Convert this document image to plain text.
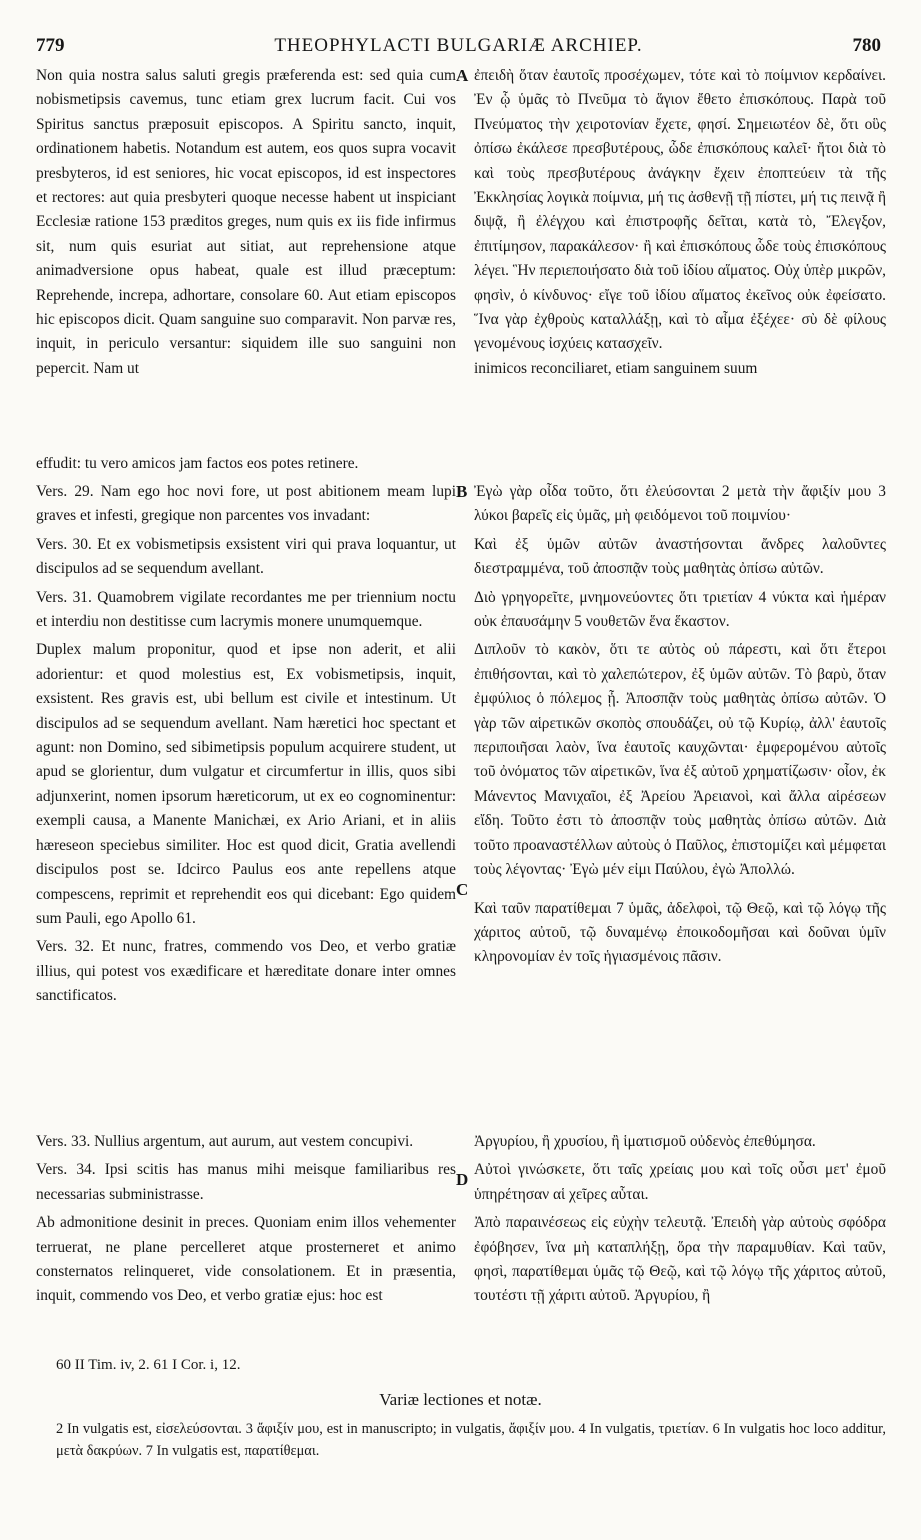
779	THEOPHYLACTI BULGARIÆ ARCHIEP.	780

Non quia nostra salus saluti gregis præferenda est: sed quia cum nobismetipsis cavemus, tunc etiam grex lucrum facit. Cui vos Spiritus sanctus præposuit episcopos. A Spiritu sancto, inquit, ordinationem habetis. Notandum est autem, eos quos supra vocavit presbyteros, id est seniores, hic vocat episcopos, id est inspectores et rectores: aut quia presbyteri quoque necesse habent ut inspiciant Ecclesiæ ratione 153 præditos greges, num quis ex iis fide infirmus sit, num quis esuriat aut sitiat, aut reprehensione atque animadversione opus habeat, quale est illud præceptum: Reprehende, increpa, adhortare, consolare 60. Aut etiam episcopos hic episcopos dicit. Quam sanguine suo comparavit. Non parvæ res, inquit, in periculo versantur: siquidem ille suo sanguini non pepercit. Nam ut

A ἐπειδὴ ὅταν ἑαυτοῖς προσέχωμεν, τότε καὶ τὸ ποίμνιον κερδαίνει. Ἐν ᾧ ὑμᾶς τὸ Πνεῦμα τὸ ἅγιον ἔθετο ἐπισκόπους. Παρὰ τοῦ Πνεύματος τὴν χειροτονίαν ἔχετε, φησί. Σημειωτέον δὲ, ὅτι οὓς ὀπίσω ἐκάλεσε πρεσβυτέρους, ὧδε ἐπισκόπους καλεῖ· ἤτοι διὰ τὸ καὶ τοὺς πρεσβυτέρους ἀνάγκην ἔχειν ἐποπτεύειν τὰ τῆς Ἐκκλησίας λογικὰ ποίμνια, μή τις ἀσθενῇ τῇ πίστει, μή τις πεινᾷ ἢ διψᾷ, ἢ ἐλέγχου καὶ ἐπιστροφῆς δεῖται, κατὰ τὸ, Ἔλεγξον, ἐπιτίμησον, παρακάλεσον· ἢ καὶ ἐπισκόπους ὧδε τοὺς ἐπισκόπους λέγει. Ἣν περιεποιήσατο διὰ τοῦ ἰδίου αἵματος. Οὐχ ὑπὲρ μικρῶν, φησὶν, ὁ κίνδυνος· εἴγε τοῦ ἰδίου αἵματος ἐκεῖνος οὐκ ἐφείσατο. Ἵνα γὰρ ἐχθροὺς καταλλάξῃ, καὶ τὸ αἷμα ἐξέχεε· σὺ δὲ φίλους γενομένους ἰσχύεις κατασχεῖν.

inimicos reconciliaret, etiam sanguinem suum

effudit: tu vero amicos jam factos eos potes retinere.

Vers. 29. Nam ego hoc novi fore, ut post abitionem meam lupi graves et infesti, gregique non parcentes vos invadant:

Vers. 30. Et ex vobismetipsis exsistent viri qui prava loquantur, ut discipulos ad se sequendum avellant.

Vers. 31. Quamobrem vigilate recordantes me per triennium noctu et interdiu non destitisse cum lacrymis monere unumquemque.

Duplex malum proponitur, quod et ipse non aderit, et alii adorientur: et quod molestius est, Ex vobismetipsis, inquit, exsistent. Res gravis est, ubi bellum est civile et intestinum. Ut discipulos ad se sequendum avellant. Nam hæretici hoc spectant et agunt: non Domino, sed sibimetipsis populum acquirere student, ut apud se glorientur, dum vulgatur et circumfertur in illis, quos sibi adjunxerint, nomen ipsorum hæreticorum, ut ex eo cognominentur: exempli causa, a Manente Manichæi, ex Ario Ariani, et in aliis hæreseon speciebus similiter. Hoc est quod dicit, Gratia avellendi discipulos post se. Idcirco Paulus eos ante repellens atque compescens, reprimit et reprehendit eos qui dicebant: Ego quidem sum Pauli, ego Apollo 61.

Vers. 32. Et nunc, fratres, commendo vos Deo, et verbo gratiæ illius, qui potest vos exædificare et hæreditate donare inter omnes sanctificatos.

B
C

Ἐγὼ γὰρ οἶδα τοῦτο, ὅτι ἐλεύσονται 2 μετὰ τὴν ἄφιξίν μου 3 λύκοι βαρεῖς εἰς ὑμᾶς, μὴ φειδόμενοι τοῦ ποιμνίου·

Καὶ ἐξ ὑμῶν αὐτῶν ἀναστήσονται ἄνδρες λαλοῦντες διεστραμμένα, τοῦ ἀποσπᾷν τοὺς μαθητὰς ὀπίσω αὐτῶν.

Διὸ γρηγορεῖτε, μνημονεύοντες ὅτι τριετίαν 4 νύκτα καὶ ἡμέραν οὐκ ἐπαυσάμην 5 νουθετῶν ἕνα ἕκαστον.

Διπλοῦν τὸ κακὸν, ὅτι τε αὐτὸς οὐ πάρεστι, καὶ ὅτι ἕτεροι ἐπιθήσονται, καὶ τὸ χαλεπώτερον, ἐξ ὑμῶν αὐτῶν. Τὸ βαρὺ, ὅταν ἐμφύλιος ὁ πόλεμος ᾖ. Ἀποσπᾷν τοὺς μαθητὰς ὀπίσω αὐτῶν. Ὁ γὰρ τῶν αἱρετικῶν σκοπὸς σπουδάζει, οὐ τῷ Κυρίῳ, ἀλλ' ἑαυτοῖς περιποιῆσαι λαὸν, ἵνα ἑαυτοῖς καυχῶνται· ἐμφερομένου αὐτοῖς τοῦ ὀνόματος τῶν αἱρετικῶν, ἵνα ἐξ αὐτοῦ χρηματίζωσιν· οἷον, ἐκ Μάνεντος Μανιχαῖοι, ἐξ Ἀρείου Ἀρειανοὶ, καὶ ἄλλα αἱρέσεων εἴδη. Τοῦτο ἐστι τὸ ἀποσπᾷν τοὺς μαθητὰς ὀπίσω αὐτῶν. Διὰ τοῦτο προαναστέλλων αὐτοὺς ὁ Παῦλος, ἐπιστομίζει καὶ μέμφεται τοὺς λέγοντας· Ἐγὼ μέν εἰμι Παύλου, ἐγὼ Ἀπολλώ.

Καὶ ταῦν παρατίθεμαι 7 ὑμᾶς, ἀδελφοὶ, τῷ Θεῷ, καὶ τῷ λόγῳ τῆς χάριτος αὐτοῦ, τῷ δυναμένῳ ἐποικοδομῆσαι καὶ δοῦναι ὑμῖν κληρονομίαν ἐν τοῖς ἡγιασμένοις πᾶσιν.

Vers. 33. Nullius argentum, aut aurum, aut vestem concupivi.

Vers. 34. Ipsi scitis has manus mihi meisque familiaribus res necessarias subministrasse.

Ab admonitione desinit in preces. Quoniam enim illos vehementer terruerat, ne plane percelleret atque prosterneret et animo consternatos relinqueret, vide consolationem. Et in præsentia, inquit, commendo vos Deo, et verbo gratiæ ejus: hoc est

D

Ἀργυρίου, ἢ χρυσίου, ἢ ἱματισμοῦ οὐδενὸς ἐπεθύμησα.

Αὐτοὶ γινώσκετε, ὅτι ταῖς χρείαις μου καὶ τοῖς οὖσι μετ' ἐμοῦ ὑπηρέτησαν αἱ χεῖρες αὗται.

Ἀπὸ παραινέσεως εἰς εὐχὴν τελευτᾷ. Ἐπειδὴ γὰρ αὐτοὺς σφόδρα ἐφόβησεν, ἵνα μὴ καταπλήξῃ, ὅρα τὴν παραμυθίαν. Καὶ ταῦν, φησὶ, παρατίθεμαι ὑμᾶς τῷ Θεῷ, καὶ τῷ λόγῳ τῆς χάριτος αὐτοῦ, τουτέστι τῇ χάριτι αὐτοῦ. Ἀργυρίου, ἢ

60 II Tim. iv, 2. 61 I Cor. i, 12.
Variæ lectiones et notæ.
2 In vulgatis est, εἰσελεύσονται. 3 ἄφιξίν μου, est in manuscripto; in vulgatis, ἄφιξίν μου. 4 In vulgatis, τριετίαν. 6 In vulgatis hoc loco additur, μετὰ δακρύων. 7 In vulgatis est, παρατίθεμαι.
